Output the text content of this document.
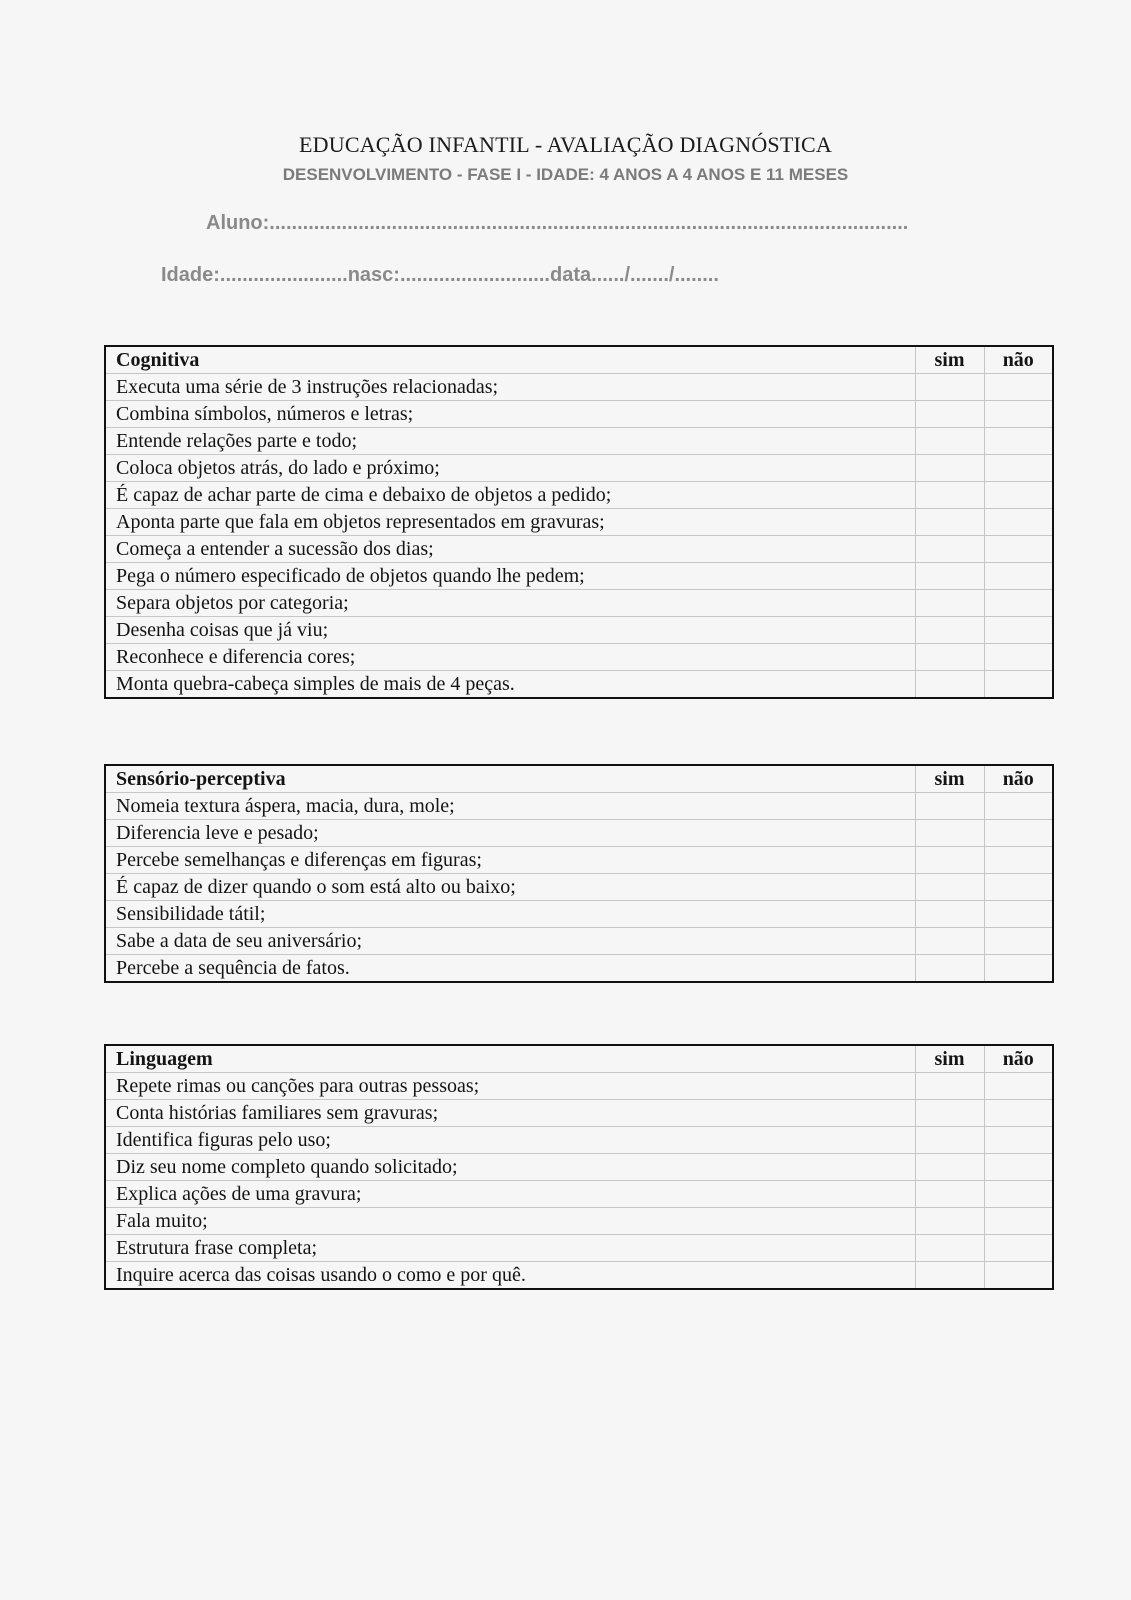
EDUCAÇÃO INFANTIL - AVALIAÇÃO DIAGNÓSTICA
DESENVOLVIMENTO - FASE I - IDADE: 4 ANOS A 4 ANOS E 11 MESES
Aluno:...................................................................................................................
Idade:.......................nasc:...........................data....../......./........
Cognitiva	sim	não
Executa uma série de 3 instruções relacionadas;		
Combina símbolos, números e letras;		
Entende relações parte e todo;		
Coloca objetos atrás, do lado e próximo;		
É capaz de achar parte de cima e debaixo de objetos a pedido;		
Aponta parte que fala em objetos representados em gravuras;		
Começa a entender a sucessão dos dias;		
Pega o número especificado de objetos quando lhe pedem;		
Separa objetos por categoria;		
Desenha coisas que já viu;		
Reconhece e diferencia cores;		
Monta quebra-cabeça simples de mais de 4 peças.		
Sensório-perceptiva	sim	não
Nomeia textura áspera, macia, dura, mole;		
Diferencia leve e pesado;		
Percebe semelhanças e diferenças em figuras;		
É capaz de dizer quando o som está alto ou baixo;		
Sensibilidade tátil;		
Sabe a data de seu aniversário;		
Percebe a sequência de fatos.		
Linguagem	sim	não
Repete rimas ou canções para outras pessoas;		
Conta histórias familiares sem gravuras;		
Identifica figuras pelo uso;		
Diz seu nome completo quando solicitado;		
Explica ações de uma gravura;		
Fala muito;		
Estrutura frase completa;		
Inquire acerca das coisas usando o como e por quê.		
